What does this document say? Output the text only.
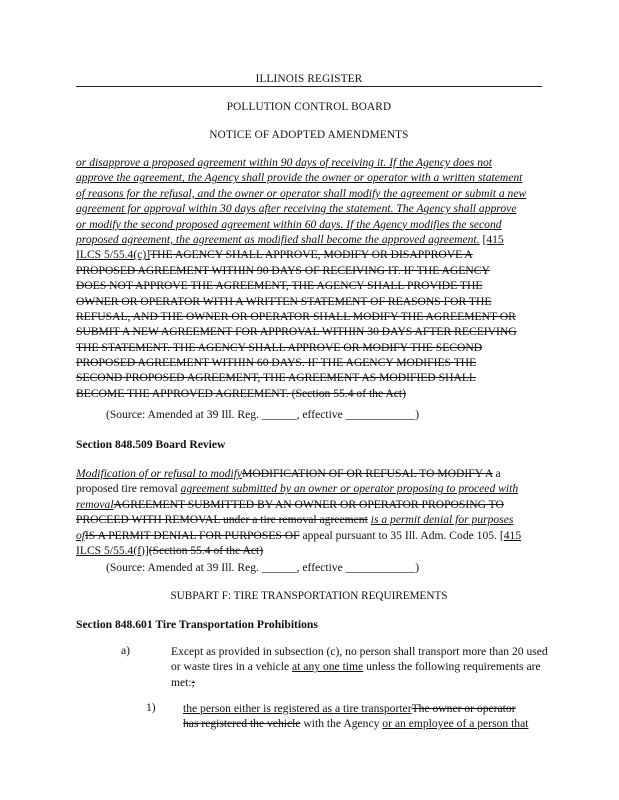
ILLINOIS REGISTER
POLLUTION CONTROL BOARD
NOTICE OF ADOPTED AMENDMENTS
or disapprove a proposed agreement within 90 days of receiving it. If the Agency does not
approve the agreement, the Agency shall provide the owner or operator with a written statement
of reasons for the refusal, and the owner or operator shall modify the agreement or submit a new
agreement for approval within 30 days after receiving the statement. The Agency shall approve
or modify the second proposed agreement within 60 days. If the Agency modifies the second
proposed agreement, the agreement as modified shall become the approved agreement. [415
ILCS 5/55.4(c)]THE AGENCY SHALL APPROVE, MODIFY OR DISAPPROVE A
PROPOSED AGREEMENT WITHIN 90 DAYS OF RECEIVING IT. IF THE AGENCY
DOES NOT APPROVE THE AGREEMENT, THE AGENCY SHALL PROVIDE THE
OWNER OR OPERATOR WITH A WRITTEN STATEMENT OF REASONS FOR THE
REFUSAL, AND THE OWNER OR OPERATOR SHALL MODIFY THE AGREEMENT OR
SUBMIT A NEW AGREEMENT FOR APPROVAL WITHIN 30 DAYS AFTER RECEIVING
THE STATEMENT. THE AGENCY SHALL APPROVE OR MODIFY THE SECOND
PROPOSED AGREEMENT WITHIN 60 DAYS. IF THE AGENCY MODIFIES THE
SECOND PROPOSED AGREEMENT, THE AGREEMENT AS MODIFIED SHALL
BECOME THE APPROVED AGREEMENT. (Section 55.4 of the Act)
(Source: Amended at 39 Ill. Reg. ______, effective ____________)
Section 848.509 Board Review
Modification of or refusal to modifyMODIFICATION OF OR REFUSAL TO MODIFY A a
proposed tire removal agreement submitted by an owner or operator proposing to proceed with
removalAGREEMENT SUBMITTED BY AN OWNER OR OPERATOR PROPOSING TO
PROCEED WITH REMOVAL under a tire removal agreement is a permit denial for purposes
ofIS A PERMIT DENIAL FOR PURPOSES OF appeal pursuant to 35 Ill. Adm. Code 105. [415
ILCS 5/55.4(f)](Section 55.4 of the Act)
(Source: Amended at 39 Ill. Reg. ______, effective ____________)
SUBPART F: TIRE TRANSPORTATION REQUIREMENTS
Section 848.601 Tire Transportation Prohibitions
a)	Except as provided in subsection (c), no person shall transport more than 20 used
or waste tires in a vehicle at any one time unless the following requirements are
met:;
1) the person either is registered as a tire transporterThe owner or operator
has registered the vehicle with the Agency or an employee of a person that
